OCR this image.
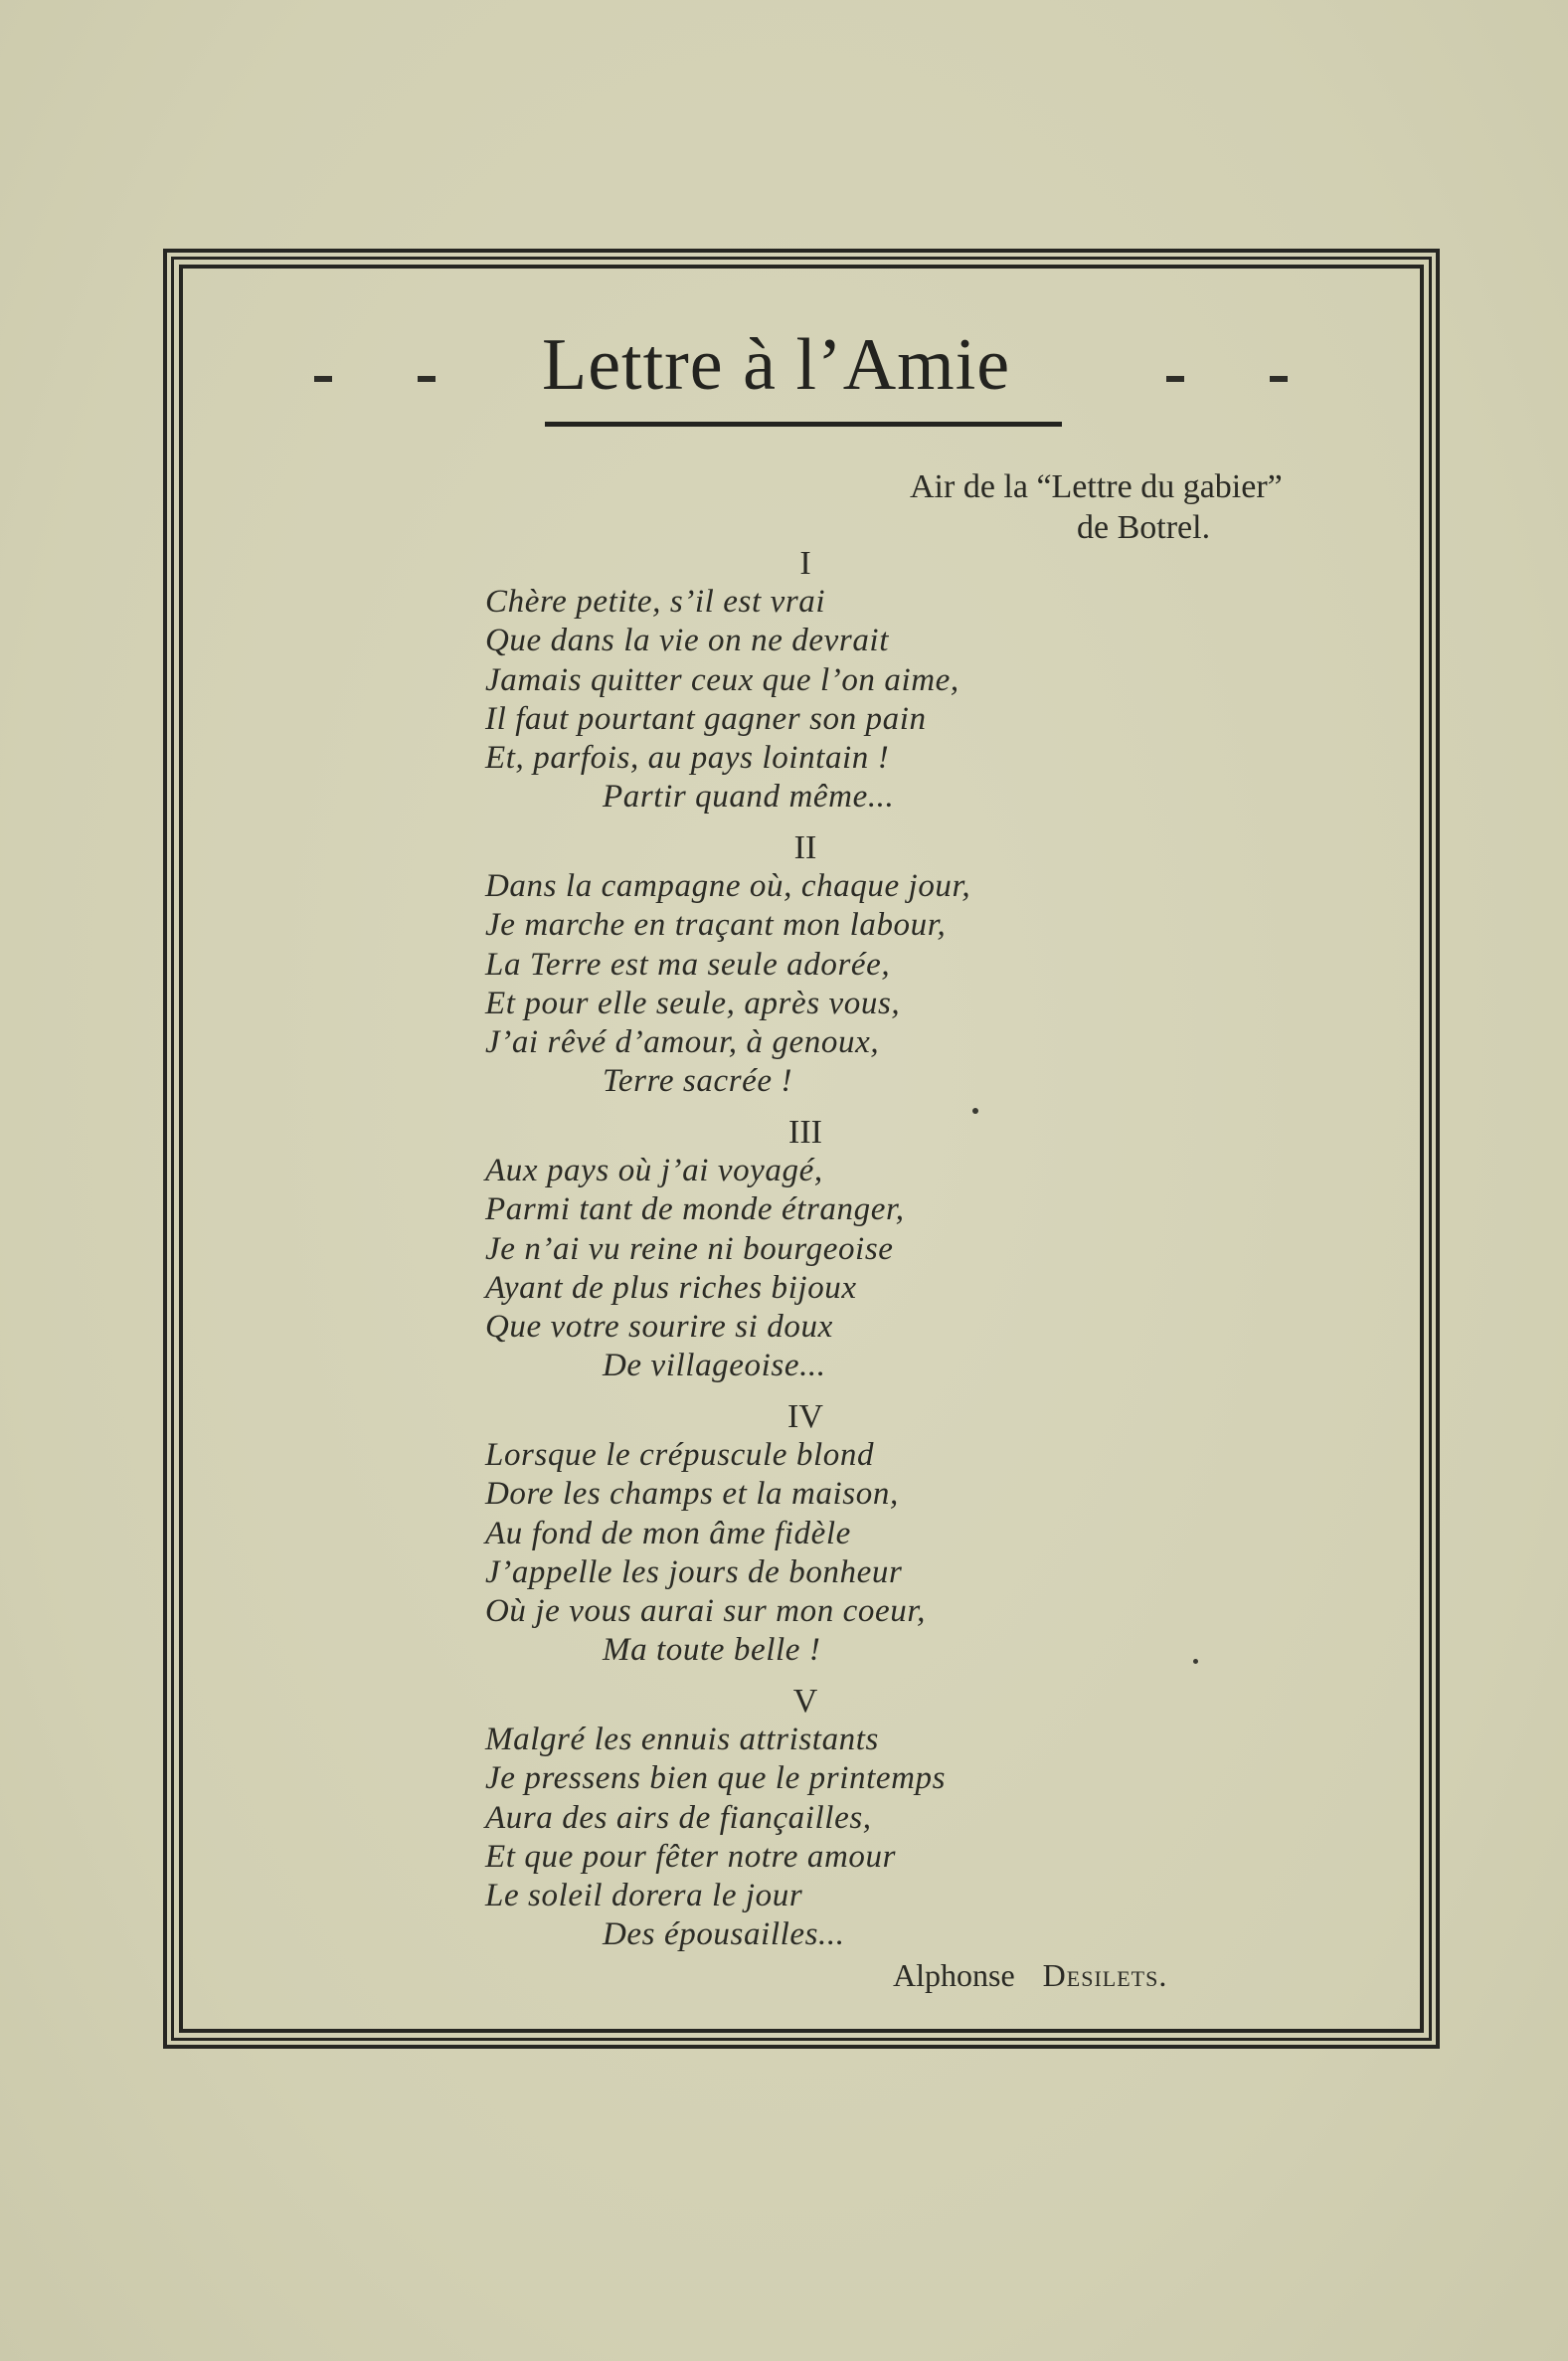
Lettre à l’Amie
Air de la “Lettre du gabier”
de Botrel.
I
Chère petite, s’il est vrai
Que dans la vie on ne devrait
Jamais quitter ceux que l’on aime,
Il faut pourtant gagner son pain
Et, parfois, au pays lointain !
Partir quand même...
II
Dans la campagne où, chaque jour,
Je marche en traçant mon labour,
La Terre est ma seule adorée,
Et pour elle seule, après vous,
J’ai rêvé d’amour, à genoux,
Terre sacrée !
III
Aux pays où j’ai voyagé,
Parmi tant de monde étranger,
Je n’ai vu reine ni bourgeoise
Ayant de plus riches bijoux
Que votre sourire si doux
De villageoise...
IV
Lorsque le crépuscule blond
Dore les champs et la maison,
Au fond de mon âme fidèle
J’appelle les jours de bonheur
Où je vous aurai sur mon coeur,
Ma toute belle !
V
Malgré les ennuis attristants
Je pressens bien que le printemps
Aura des airs de fiançailles,
Et que pour fêter notre amour
Le soleil dorera le jour
Des épousailles...
Alphonse Desilets.
